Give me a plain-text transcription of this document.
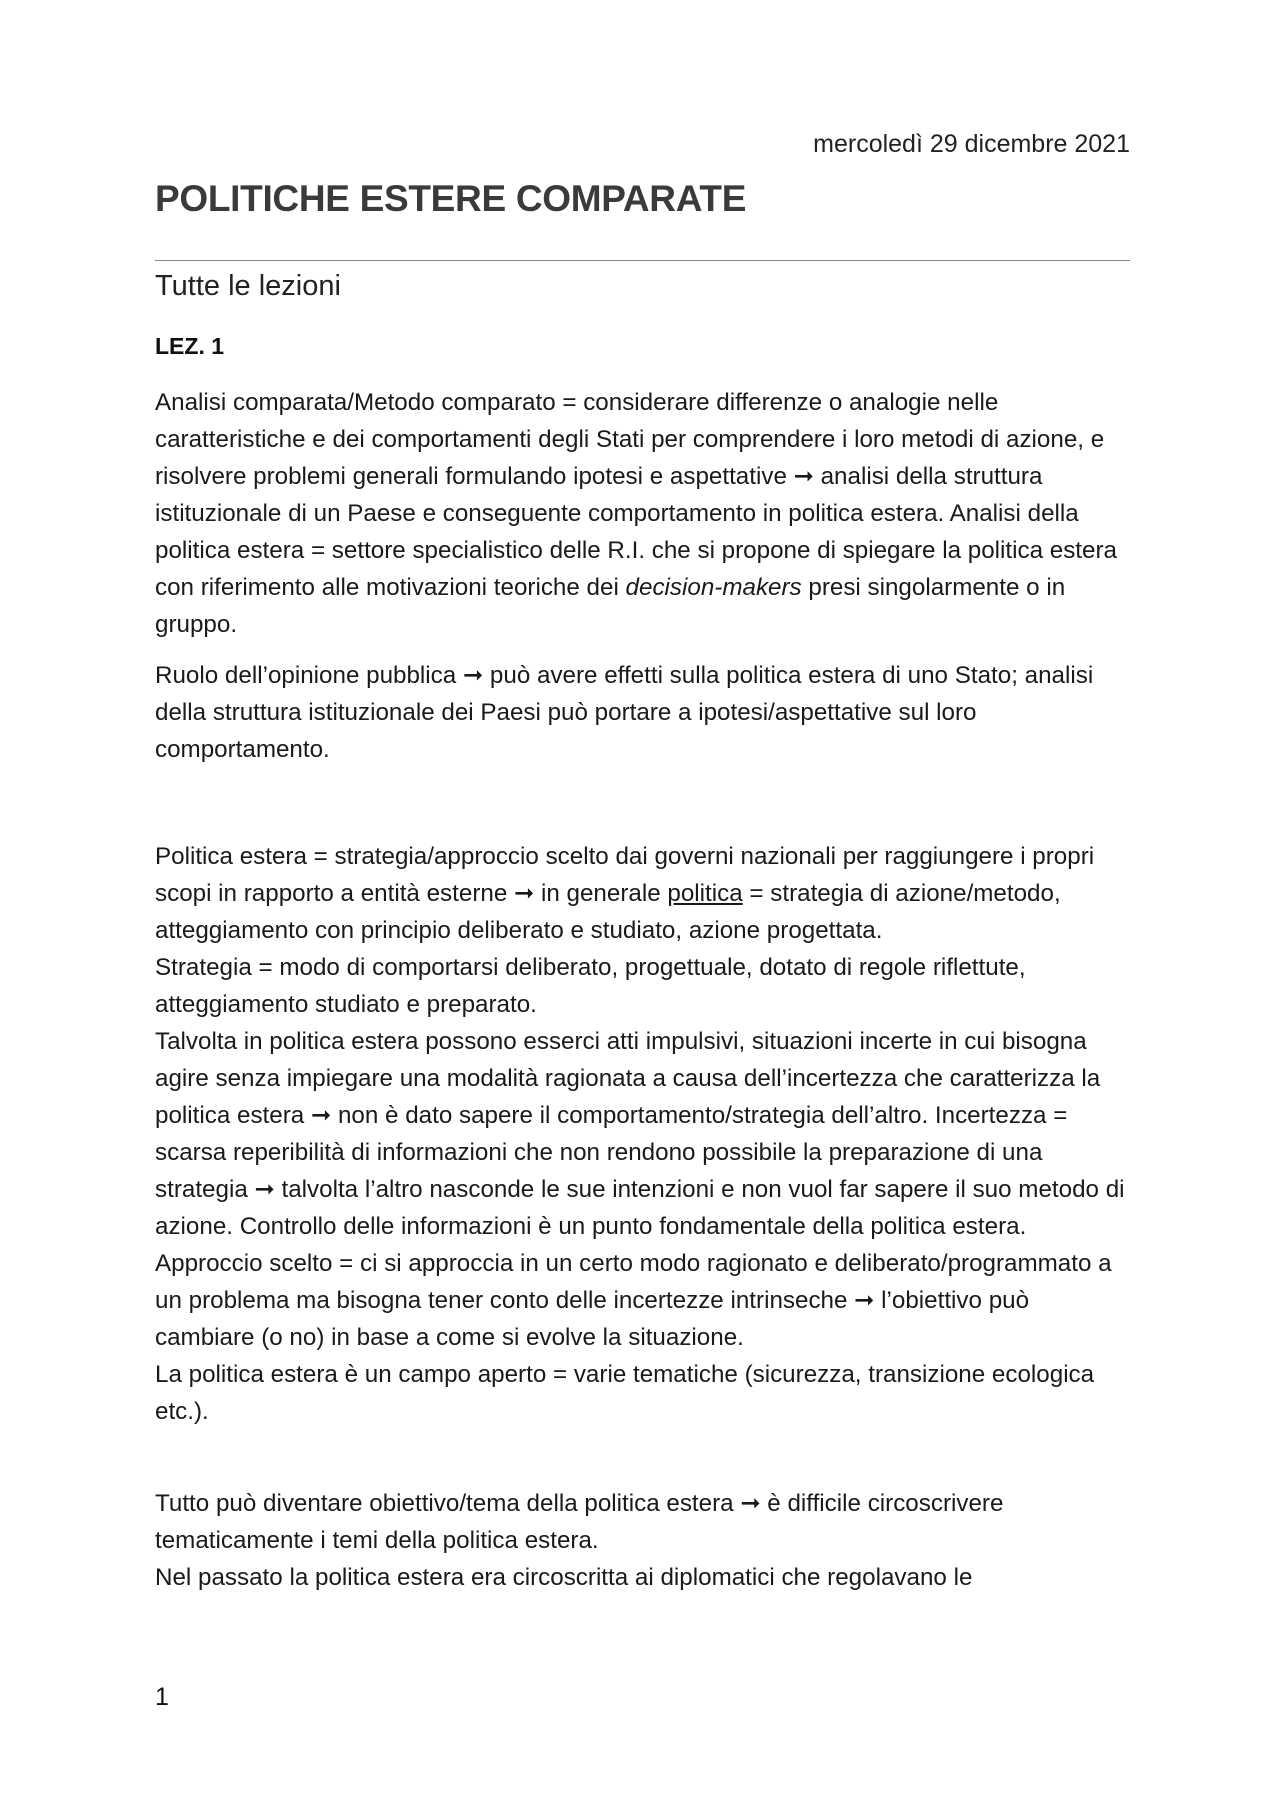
mercoledì 29 dicembre 2021
POLITICHE ESTERE COMPARATE
Tutte le lezioni
LEZ. 1

Analisi comparata/Metodo comparato = considerare differenze o analogie nelle caratteristiche e dei comportamenti degli Stati per comprendere i loro metodi di azione, e risolvere problemi generali formulando ipotesi e aspettative ➞ analisi della struttura istituzionale di un Paese e conseguente comportamento in politica estera. Analisi della politica estera = settore specialistico delle R.I. che si propone di spiegare la politica estera con riferimento alle motivazioni teoriche dei decision-makers presi singolarmente o in gruppo.

Ruolo dell’opinione pubblica ➞ può avere effetti sulla politica estera di uno Stato; analisi della struttura istituzionale dei Paesi può portare a ipotesi/aspettative sul loro comportamento.

Politica estera = strategia/approccio scelto dai governi nazionali per raggiungere i propri scopi in rapporto a entità esterne ➞ in generale politica = strategia di azione/metodo, atteggiamento con principio deliberato e studiato, azione progettata.

Strategia = modo di comportarsi deliberato, progettuale, dotato di regole riflettute, atteggiamento studiato e preparato.

Talvolta in politica estera possono esserci atti impulsivi, situazioni incerte in cui bisogna agire senza impiegare una modalità ragionata a causa dell’incertezza che caratterizza la politica estera ➞ non è dato sapere il comportamento/strategia dell’altro. Incertezza = scarsa reperibilità di informazioni che non rendono possibile la preparazione di una strategia ➞ talvolta l’altro nasconde le sue intenzioni e non vuol far sapere il suo metodo di azione. Controllo delle informazioni è un punto fondamentale della politica estera.

Approccio scelto = ci si approccia in un certo modo ragionato e deliberato/programmato a un problema ma bisogna tener conto delle incertezze intrinseche ➞ l’obiettivo può cambiare (o no) in base a come si evolve la situazione.

La politica estera è un campo aperto = varie tematiche (sicurezza, transizione ecologica etc.).

Tutto può diventare obiettivo/tema della politica estera ➞ è difficile circoscrivere tematicamente i temi della politica estera.

Nel passato la politica estera era circoscritta ai diplomatici che regolavano le

1
